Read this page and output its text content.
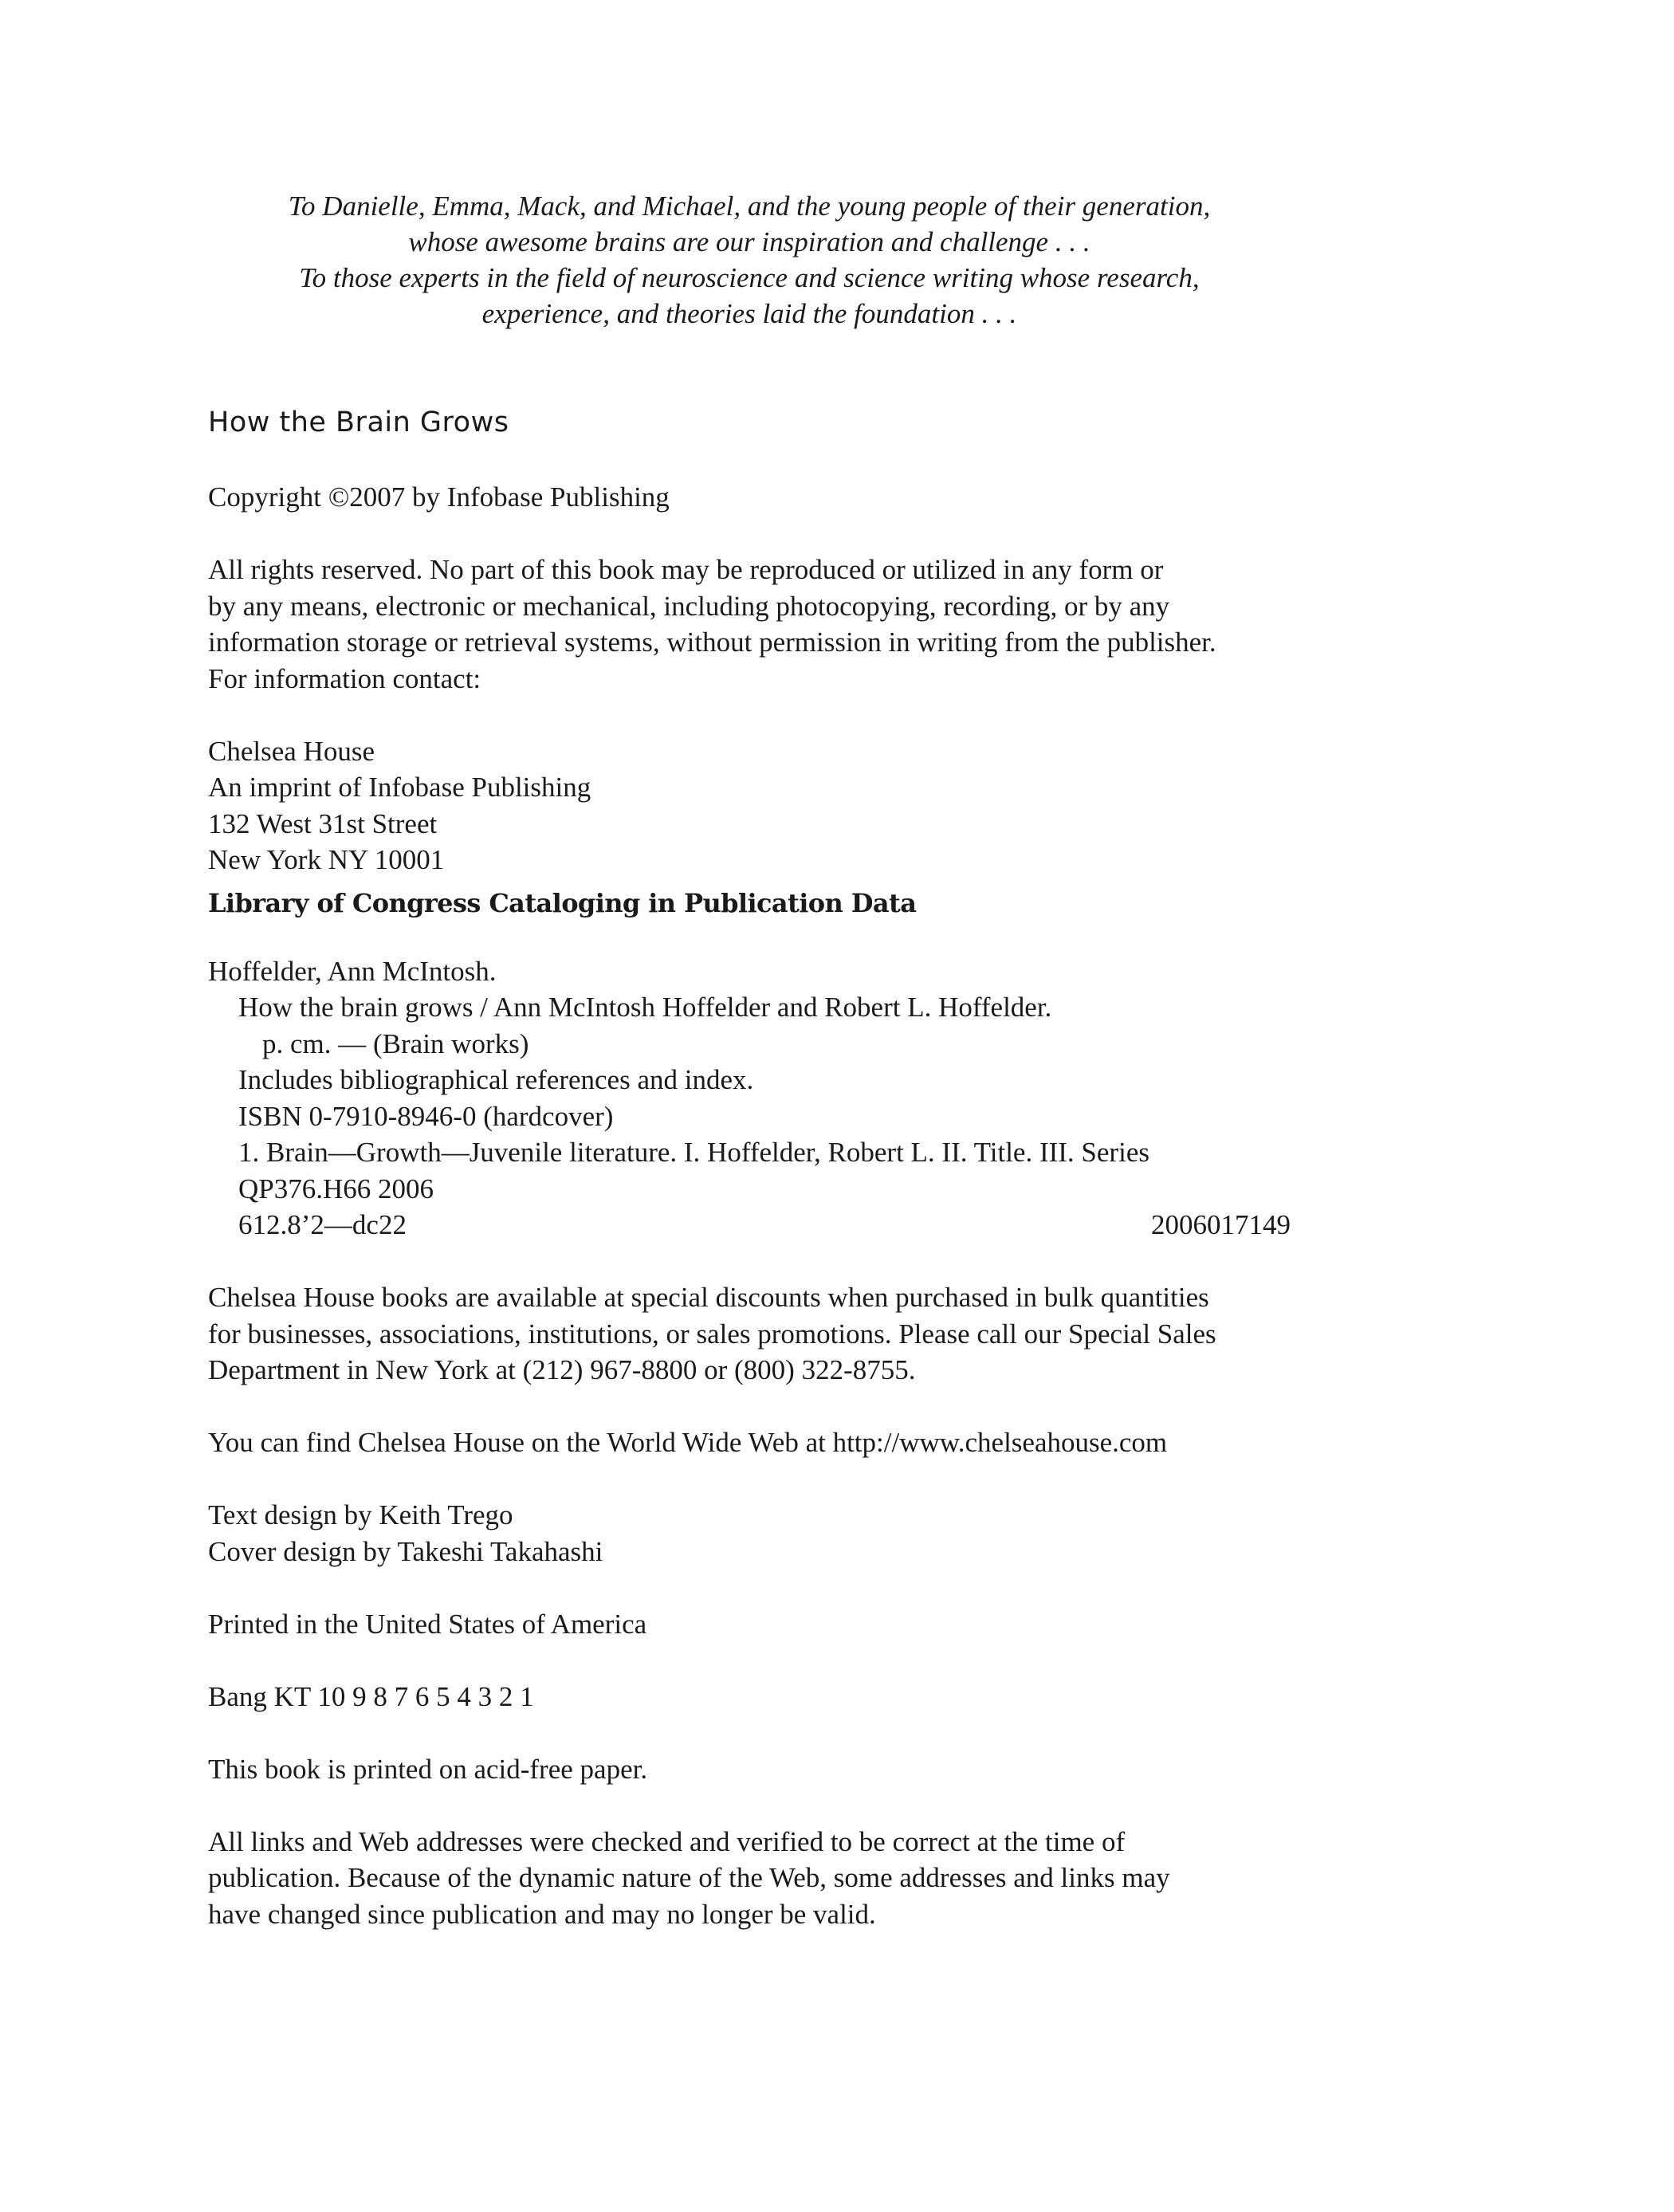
To Danielle, Emma, Mack, and Michael, and the young people of their generation,
whose awesome brains are our inspiration and challenge . . .
To those experts in the field of neuroscience and science writing whose research,
experience, and theories laid the foundation . . .
How the Brain Grows
Copyright ©2007 by Infobase Publishing
All rights reserved. No part of this book may be reproduced or utilized in any form or
by any means, electronic or mechanical, including photocopying, recording, or by any
information storage or retrieval systems, without permission in writing from the publisher.
For information contact:
Chelsea House
An imprint of Infobase Publishing
132 West 31st Street
New York NY 10001
Library of Congress Cataloging in Publication Data
Hoffelder, Ann McIntosh.
How the brain grows / Ann McIntosh Hoffelder and Robert L. Hoffelder.
p. cm. — (Brain works)
Includes bibliographical references and index.
ISBN 0-7910-8946-0 (hardcover)
1. Brain—Growth—Juvenile literature. I. Hoffelder, Robert L. II. Title. III. Series
QP376.H66 2006
612.8’2—dc22	2006017149
Chelsea House books are available at special discounts when purchased in bulk quantities
for businesses, associations, institutions, or sales promotions. Please call our Special Sales
Department in New York at (212) 967-8800 or (800) 322-8755.
You can find Chelsea House on the World Wide Web at http://www.chelseahouse.com
Text design by Keith Trego
Cover design by Takeshi Takahashi
Printed in the United States of America
Bang KT 10 9 8 7 6 5 4 3 2 1
This book is printed on acid-free paper.
All links and Web addresses were checked and verified to be correct at the time of
publication. Because of the dynamic nature of the Web, some addresses and links may
have changed since publication and may no longer be valid.
